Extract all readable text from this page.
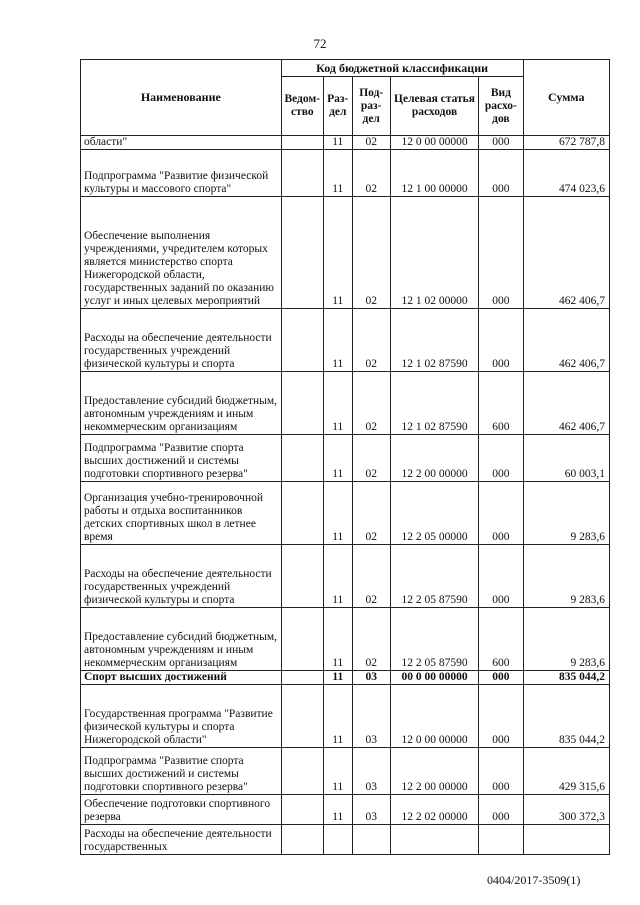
72
Наименование	Код бюджетной классификации					Сумма
	Ведом-ство	Раз-дел	Под-раз-дел	Целевая статья расходов	Вид расхо-дов	
области"		11	02	12 0 00 00000	000	672 787,8
Подпрограмма "Развитие физической культуры и массового спорта"		11	02	12 1 00 00000	000	474 023,6
Обеспечение выполнения учреждениями, учредителем которых является министерство спорта Нижегородской области, государственных заданий по оказанию услуг и иных целевых мероприятий		11	02	12 1 02 00000	000	462 406,7
Расходы на обеспечение деятельности государственных учреждений физической культуры и спорта		11	02	12 1 02 87590	000	462 406,7
Предоставление субсидий бюджетным, автономным учреждениям и иным некоммерческим организациям		11	02	12 1 02 87590	600	462 406,7
Подпрограмма "Развитие спорта высших достижений и системы подготовки спортивного резерва"		11	02	12 2 00 00000	000	60 003,1
Организация учебно-тренировочной работы и отдыха воспитанников детских спортивных школ в летнее время		11	02	12 2 05 00000	000	9 283,6
Расходы на обеспечение деятельности государственных учреждений физической культуры и спорта		11	02	12 2 05 87590	000	9 283,6
Предоставление субсидий бюджетным, автономным учреждениям и иным некоммерческим организациям		11	02	12 2 05 87590	600	9 283,6
Спорт высших достижений		11	03	00 0 00 00000	000	835 044,2
Государственная программа "Развитие физической культуры и спорта Нижегородской области"		11	03	12 0 00 00000	000	835 044,2
Подпрограмма "Развитие спорта высших достижений и системы подготовки спортивного резерва"		11	03	12 2 00 00000	000	429 315,6
Обеспечение подготовки спортивного резерва		11	03	12 2 02 00000	000	300 372,3
Расходы на обеспечение деятельности государственных						
0404/2017-3509(1)
